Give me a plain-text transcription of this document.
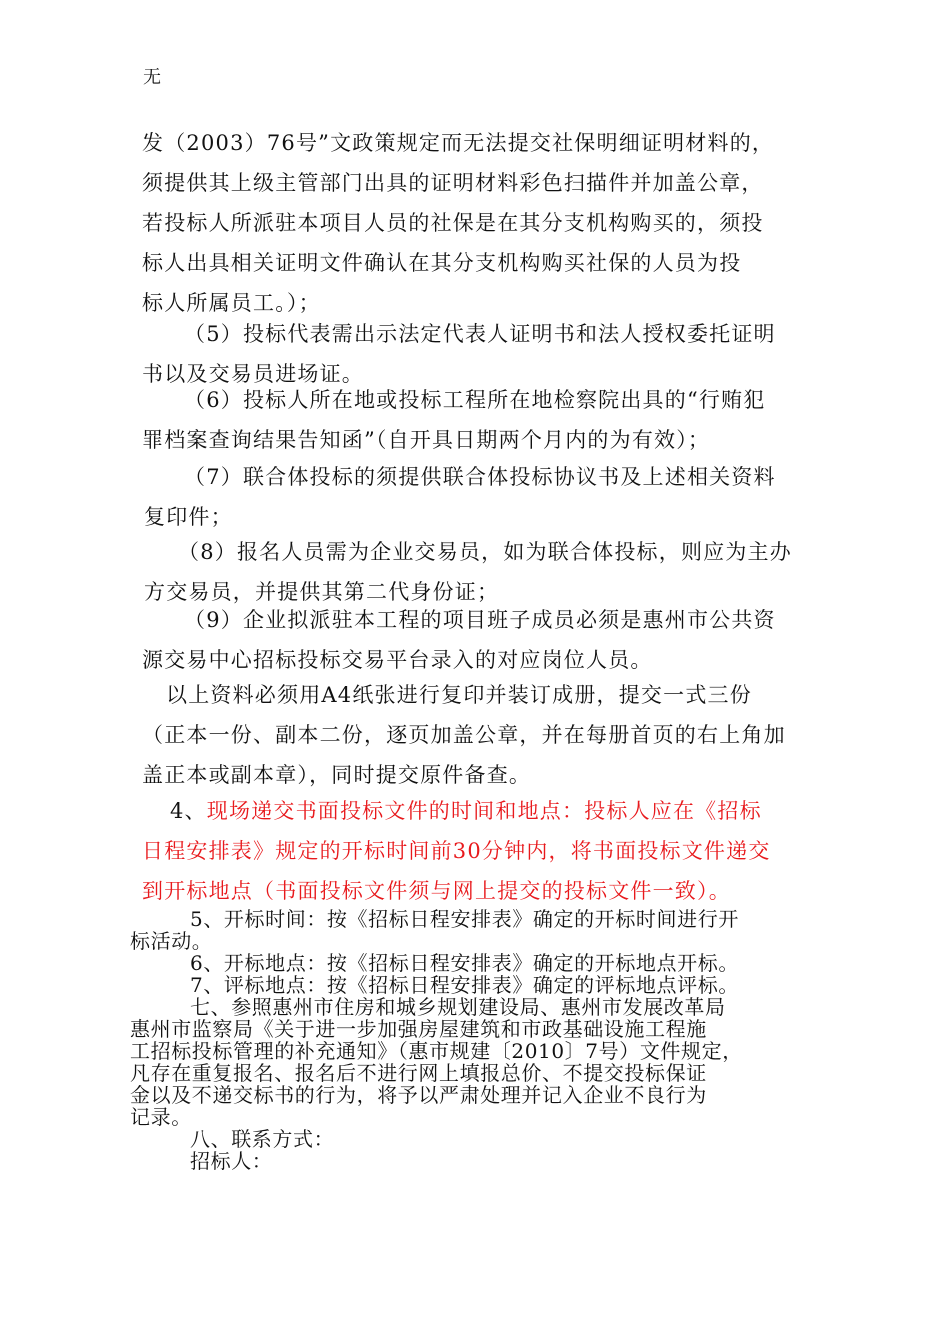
无

发（2003）76号”文政策规定而无法提交社保明细证明材料的，

须提供其上级主管部门出具的证明材料彩色扫描件并加盖公章，

若投标人所派驻本项目人员的社保是在其分支机构购买的，须投

标人出具相关证明文件确认在其分支机构购买社保的人员为投

标人所属员工。）；

（5）投标代表需出示法定代表人证明书和法人授权委托证明

书以及交易员进场证。

（6）投标人所在地或投标工程所在地检察院出具的“行贿犯

罪档案查询结果告知函”（自开具日期两个月内的为有效）；

（7）联合体投标的须提供联合体投标协议书及上述相关资料

复印件；

（8）报名人员需为企业交易员，如为联合体投标，则应为主办

方交易员，并提供其第二代身份证；

（9）企业拟派驻本工程的项目班子成员必须是惠州市公共资

源交易中心招标投标交易平台录入的对应岗位人员。

以上资料必须用A4纸张进行复印并装订成册，提交一式三份

（正本一份、副本二份，逐页加盖公章，并在每册首页的右上角加

盖正本或副本章），同时提交原件备查。

4、现场递交书面投标文件的时间和地点：投标人应在《招标

日程安排表》规定的开标时间前30分钟内，将书面投标文件递交

到开标地点（书面投标文件须与网上提交的投标文件一致）。

5、开标时间：按《招标日程安排表》确定的开标时间进行开

标活动。

6、开标地点：按《招标日程安排表》确定的开标地点开标。

7、评标地点：按《招标日程安排表》确定的评标地点评标。

七、参照惠州市住房和城乡规划建设局、惠州市发展改革局

惠州市监察局《关于进一步加强房屋建筑和市政基础设施工程施

工招标投标管理的补充通知》（惠市规建〔2010〕7号）文件规定，

凡存在重复报名、报名后不进行网上填报总价、不提交投标保证

金以及不递交标书的行为，将予以严肃处理并记入企业不良行为

记录。

八、联系方式：

招标人：
